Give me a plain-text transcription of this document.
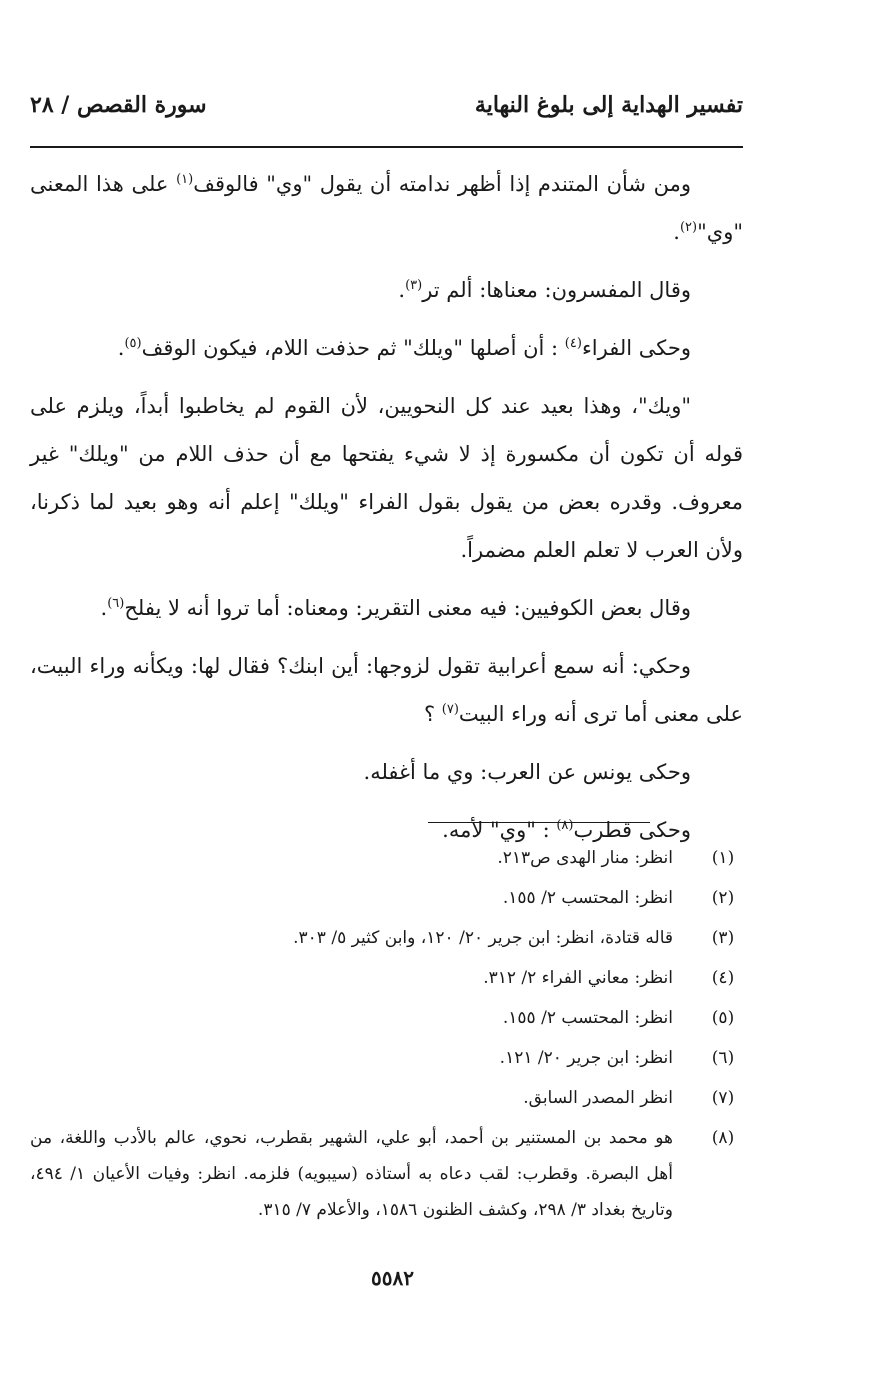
تفسير الهداية إلى بلوغ النهاية
سورة القصص / ٢٨

ومن شأن المتندم إذا أظهر ندامته أن يقول "وي" فالوقف$^{(١)}$ على هذا المعنى "وي"$^{(٢)}$.

وقال المفسرون: معناها: ألم تر$^{(٣)}$.

وحكى الفراء$^{(٤)}$ : أن أصلها "ويلك" ثم حذفت اللام، فيكون الوقف$^{(٥)}$.

"ويك"، وهذا بعيد عند كل النحويين، لأن القوم لم يخاطبوا أبداً، ويلزم على قوله أن تكون أن مكسورة إذ لا شيء يفتحها مع أن حذف اللام من "ويلك" غير معروف. وقدره بعض من يقول بقول الفراء "ويلك" إعلم أنه وهو بعيد لما ذكرنا، ولأن العرب لا تعلم العلم مضمراً.

وقال بعض الكوفيين: فيه معنى التقرير: ومعناه: أما تروا أنه لا يفلح$^{(٦)}$.

وحكي: أنه سمع أعرابية تقول لزوجها: أين ابنك؟ فقال لها: ويكأنه وراء البيت، على معنى أما ترى أنه وراء البيت$^{(٧)}$ ؟

وحكى يونس عن العرب: وي ما أغفله.

وحكى قطرب$^{(٨)}$ : "وي" لأمه.

(١)
انظر: منار الهدى ص٢١٣.
(٢)
انظر: المحتسب ٢/ ١٥٥.
(٣)
قاله قتادة، انظر: ابن جرير ٢٠/ ١٢٠، وابن كثير ٥/ ٣٠٣.
(٤)
انظر: معاني الفراء ٢/ ٣١٢.
(٥)
انظر: المحتسب ٢/ ١٥٥.
(٦)
انظر: ابن جرير ٢٠/ ١٢١.
(٧)
انظر المصدر السابق.
(٨)
هو محمد بن المستنير بن أحمد، أبو علي، الشهير بقطرب، نحوي، عالم بالأدب واللغة، من أهل البصرة. وقطرب: لقب دعاه به أستاذه (سيبويه) فلزمه. انظر: وفيات الأعيان ١/ ٤٩٤، وتاريخ بغداد ٣/ ٢٩٨، وكشف الظنون ١٥٨٦، والأعلام ٧/ ٣١٥.
٥٥٨٢
